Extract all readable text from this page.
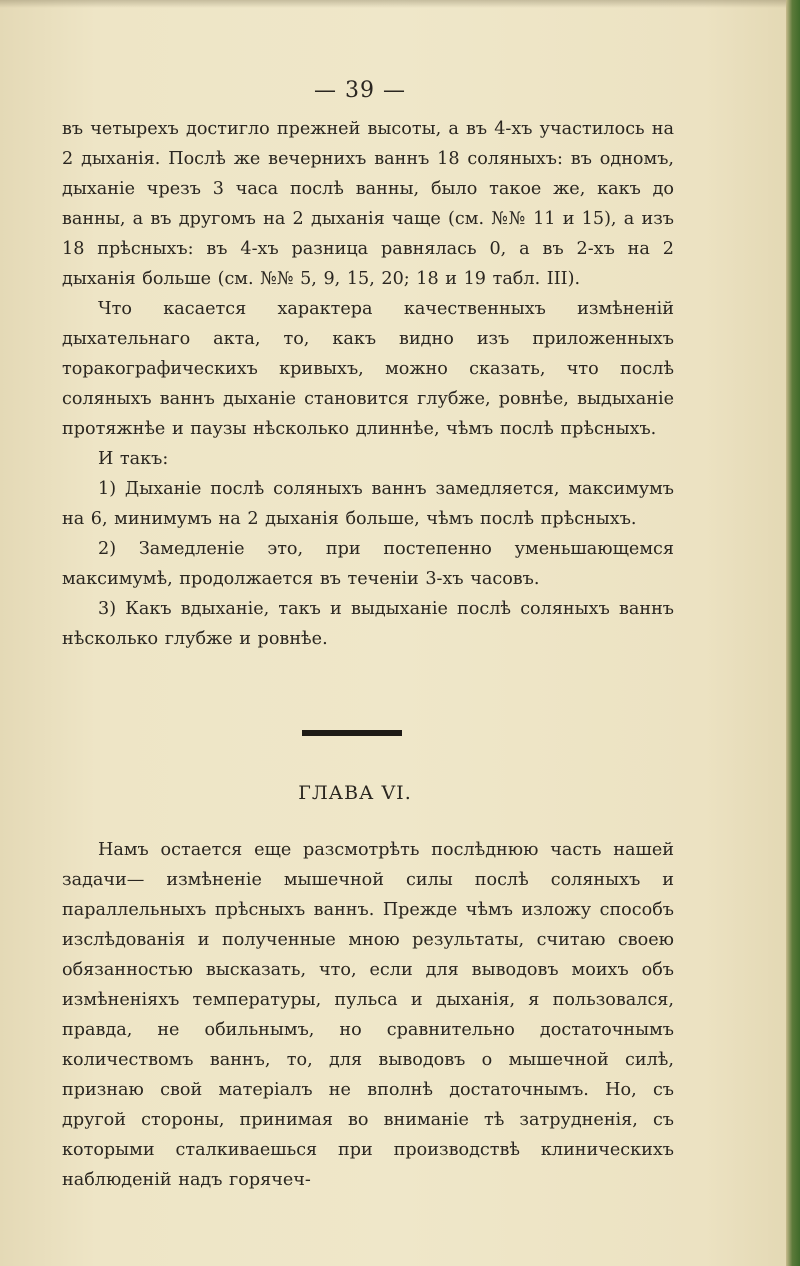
— 39 —

въ четырехъ достигло прежней высоты, а въ 4-хъ участилось на 2 дыханія. Послѣ же вечернихъ ваннъ 18 соляныхъ: въ одномъ, дыханіе чрезъ 3 часа послѣ ванны, было такое же, какъ до ванны, а въ другомъ на 2 дыханія чаще (см. №№ 11 и 15), а изъ 18 прѣсныхъ: въ 4-хъ разница равнялась 0, а въ 2-хъ на 2 дыханія больше (см. №№ 5, 9, 15, 20; 18 и 19 табл. III).

Что касается характера качественныхъ измѣненій дыхательнаго акта, то, какъ видно изъ приложенныхъ торакографическихъ кривыхъ, можно сказать, что послѣ соляныхъ ваннъ дыханіе становится глубже, ровнѣе, выдыханіе протяжнѣе и паузы нѣсколько длиннѣе, чѣмъ послѣ прѣсныхъ.

И такъ:

1) Дыханіе послѣ соляныхъ ваннъ замедляется, максимумъ на 6, минимумъ на 2 дыханія больше, чѣмъ послѣ прѣсныхъ.

2) Замедленіе это, при постепенно уменьшающемся максимумѣ, продолжается въ теченіи 3-хъ часовъ.

3) Какъ вдыханіе, такъ и выдыханіе послѣ соляныхъ ваннъ нѣсколько глубже и ровнѣе.

ГЛАВА VI.

Намъ остается еще разсмотрѣть послѣднюю часть нашей задачи— измѣненіе мышечной силы послѣ соляныхъ и параллельныхъ прѣсныхъ ваннъ. Прежде чѣмъ изложу способъ изслѣдованія и полученные мною результаты, считаю своею обязанностью высказать, что, если для выводовъ моихъ объ измѣненіяхъ температуры, пульса и дыханія, я пользовался, правда, не обильнымъ, но сравнительно достаточнымъ количествомъ ваннъ, то, для выводовъ о мышечной силѣ, признаю свой матеріалъ не вполнѣ достаточнымъ. Но, съ другой стороны, принимая во вниманіе тѣ затрудненія, съ которыми сталкиваешься при производствѣ клиническихъ наблюденій надъ горячеч-
